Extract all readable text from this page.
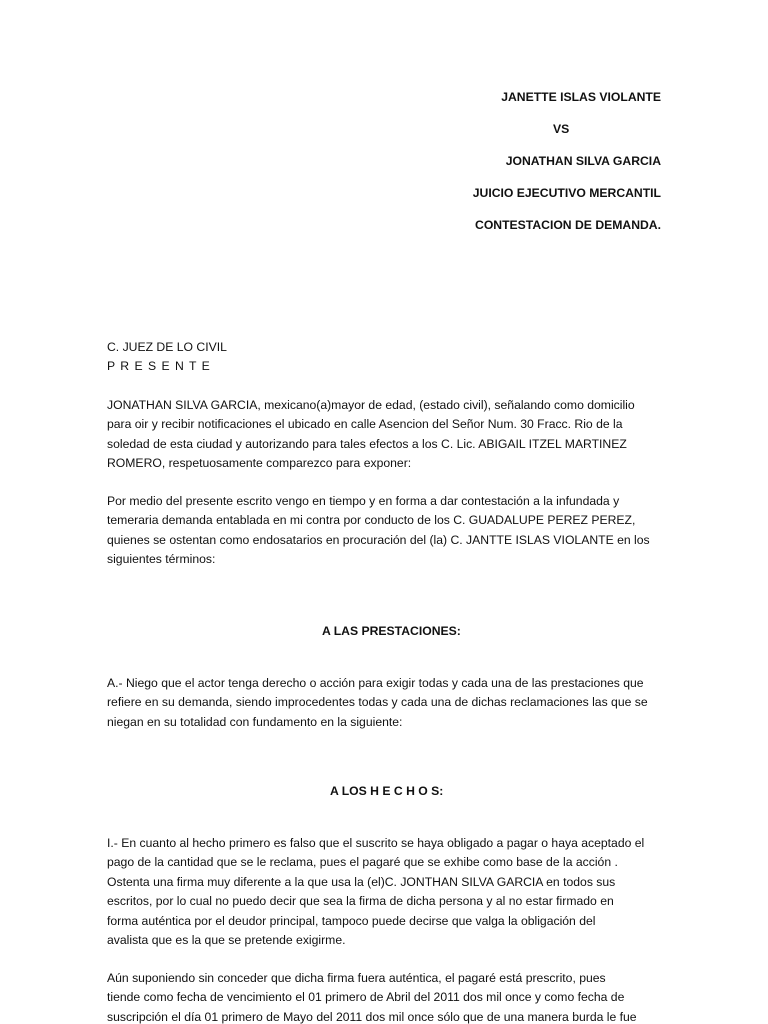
JANETTE ISLAS VIOLANTE
VS
JONATHAN SILVA GARCIA
JUICIO EJECUTIVO MERCANTIL
CONTESTACION DE DEMANDA.
C. JUEZ DE LO CIVIL
P R E S E N T E
JONATHAN SILVA GARCIA, mexicano(a)mayor de edad, (estado civil), señalando como domicilio
para oir y recibir notificaciones el ubicado en calle Asencion del Señor Num. 30 Fracc. Rio de la
soledad de esta ciudad y autorizando para tales efectos a los C. Lic. ABIGAIL ITZEL MARTINEZ
ROMERO, respetuosamente comparezco para exponer:
Por medio del presente escrito vengo en tiempo y en forma a dar contestación a la infundada y
temeraria demanda entablada en mi contra por conducto de los C. GUADALUPE PEREZ PEREZ,
quienes se ostentan como endosatarios en procuración del (la) C. JANTTE ISLAS VIOLANTE en los
siguientes términos:
A LAS PRESTACIONES:
A.- Niego que el actor tenga derecho o acción para exigir todas y cada una de las prestaciones que
refiere en su demanda, siendo improcedentes todas y cada una de dichas reclamaciones las que se
niegan en su totalidad con fundamento en la siguiente:
A LOS H E C H O S:
I.- En cuanto al hecho primero es falso que el suscrito se haya obligado a pagar o haya aceptado el
pago de la cantidad que se le reclama, pues el pagaré que se exhibe como base de la acción .
Ostenta una firma muy diferente a la que usa la (el)C. JONTHAN SILVA GARCIA en todos sus
escritos, por lo cual no puedo decir que sea la firma de dicha persona y al no estar firmado en
forma auténtica por el deudor principal, tampoco puede decirse que valga la obligación del
avalista que es la que se pretende exigirme.
Aún suponiendo sin conceder que dicha firma fuera auténtica, el pagaré está prescrito, pues
tiende como fecha de vencimiento el 01 primero de Abril del 2011 dos mil once y como fecha de
suscripción el día 01 primero de Mayo del 2011 dos mil once sólo que de una manera burda le fue
